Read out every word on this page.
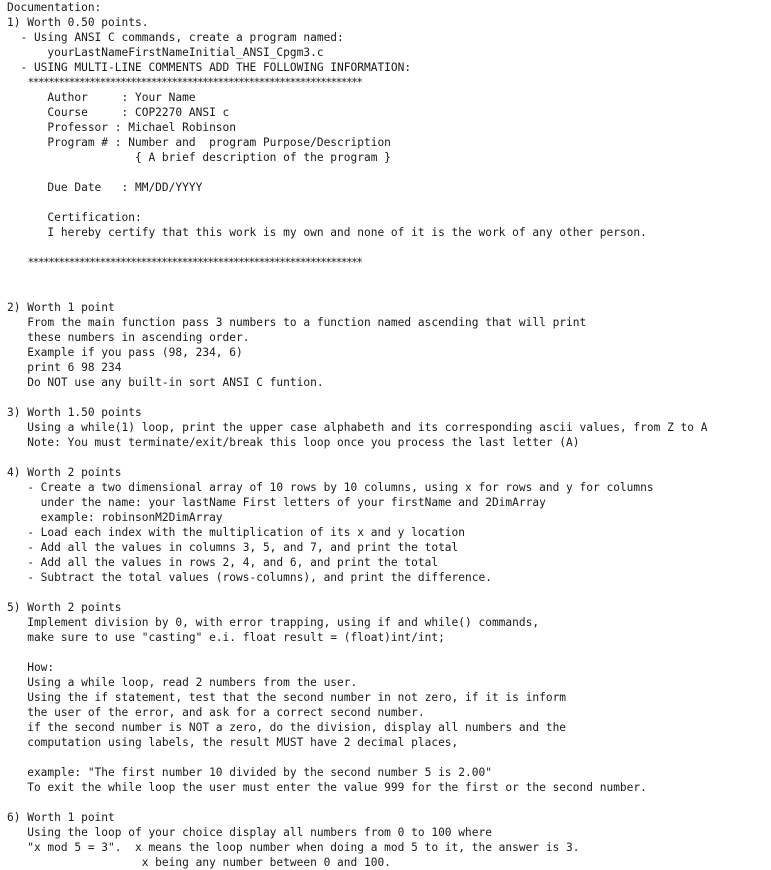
Documentation:
1) Worth 0.50 points.
- Using ANSI C commands, create a program named:
yourLastNameFirstNameInitial_ANSI_Cpgm3.c
- USING MULTI-LINE COMMENTS ADD THE FOLLOWING INFORMATION:
*****************************************************************
Author     : Your Name
Course     : COP2270 ANSI c
Professor : Michael Robinson
Program # : Number and  program Purpose/Description
{ A brief description of the program }
Due Date   : MM/DD/YYYY
Certification:
I hereby certify that this work is my own and none of it is the work of any other person.
*****************************************************************
2) Worth 1 point
From the main function pass 3 numbers to a function named ascending that will print
these numbers in ascending order.
Example if you pass (98, 234, 6)
print 6 98 234
Do NOT use any built-in sort ANSI C funtion.
3) Worth 1.50 points
Using a while(1) loop, print the upper case alphabeth and its corresponding ascii values, from Z to A
Note: You must terminate/exit/break this loop once you process the last letter (A)
4) Worth 2 points
- Create a two dimensional array of 10 rows by 10 columns, using x for rows and y for columns
under the name: your lastName First letters of your firstName and 2DimArray
example: robinsonM2DimArray
- Load each index with the multiplication of its x and y location
- Add all the values in columns 3, 5, and 7, and print the total
- Add all the values in rows 2, 4, and 6, and print the total
- Subtract the total values (rows-columns), and print the difference.
5) Worth 2 points
Implement division by 0, with error trapping, using if and while() commands,
make sure to use "casting" e.i. float result = (float)int/int;
How:
Using a while loop, read 2 numbers from the user.
Using the if statement, test that the second number in not zero, if it is inform
the user of the error, and ask for a correct second number.
if the second number is NOT a zero, do the division, display all numbers and the
computation using labels, the result MUST have 2 decimal places,
example: "The first number 10 divided by the second number 5 is 2.00"
To exit the while loop the user must enter the value 999 for the first or the second number.
6) Worth 1 point
Using the loop of your choice display all numbers from 0 to 100 where
"x mod 5 = 3".  x means the loop number when doing a mod 5 to it, the answer is 3.
x being any number between 0 and 100.
